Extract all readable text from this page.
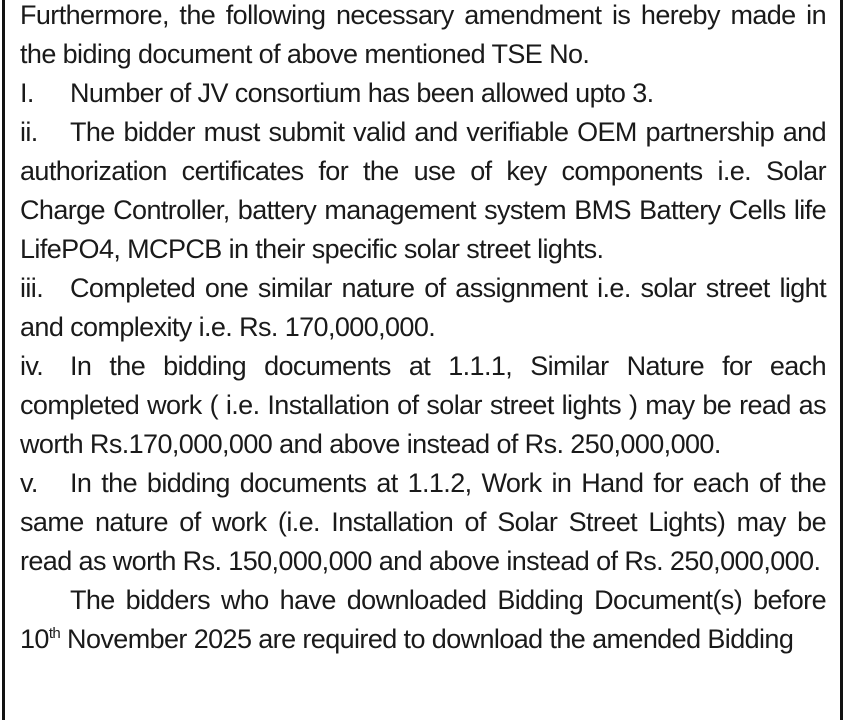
Furthermore, the following necessary amendment is hereby made in the biding document of above mentioned TSE No.

I. Number of JV consortium has been allowed upto 3.

ii. The bidder must submit valid and verifiable OEM partnership and authorization certificates for the use of key components i.e. Solar Charge Controller, battery management system BMS Battery Cells life LifePO4, MCPCB in their specific solar street lights.

iii. Completed one similar nature of assignment i.e. solar street light and complexity i.e. Rs. 170,000,000.

iv. In the bidding documents at 1.1.1, Similar Nature for each completed work ( i.e. Installation of solar street lights ) may be read as worth Rs.170,000,000 and above instead of Rs. 250,000,000.

v. In the bidding documents at 1.1.2, Work in Hand for each of the same nature of work (i.e. Installation of Solar Street Lights) may be read as worth Rs. 150,000,000 and above instead of Rs. 250,000,000.

The bidders who have downloaded Bidding Document(s) before 10th November 2025 are required to download the amended Bidding
